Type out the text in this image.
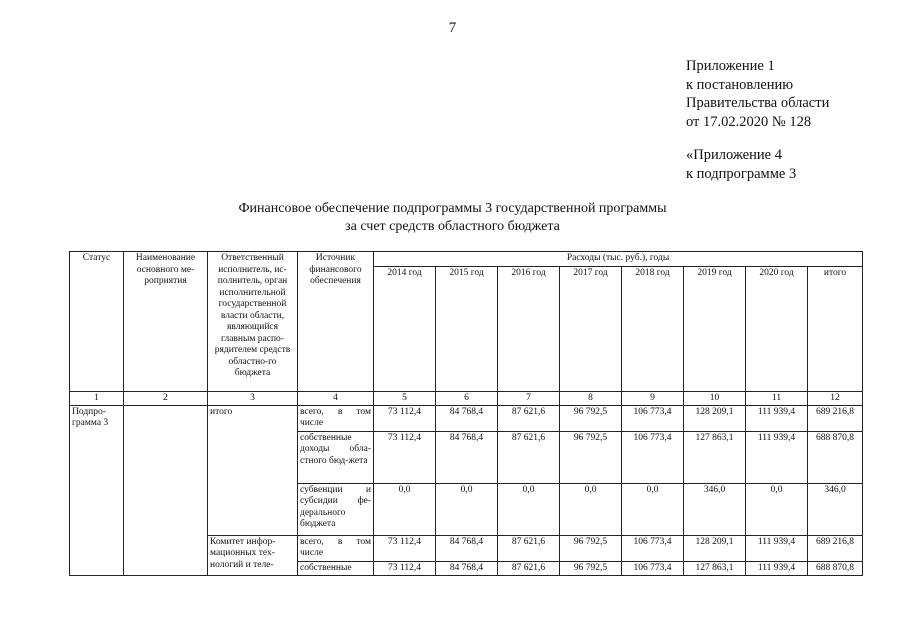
7
Приложение 1
к постановлению
Правительства области
от 17.02.2020 № 128
«Приложение 4
к подпрограмме 3
Финансовое обеспечение подпрограммы 3 государственной программы
за счет средств областного бюджета
Статус	Наименование основного ме-роприятия	Ответственный исполнитель, ис-полнитель, орган исполнительной государственной власти области, являющийся главным распо-рядителем средств областно-го бюджета	Источник финансового обеспечения	Расходы (тыс. руб.), годы							
				2014 год	2015 год	2016 год	2017 год	2018 год	2019 год	2020 год	итого
1	2	3	4	5	6	7	8	9	10	11	12
Подпро-грамма 3		итого	всего, в том числе	73 112,4	84 768,4	87 621,6	96 792,5	106 773,4	128 209,1	111 939,4	689 216,8
			собственные доходы обла-стного бюд-жета	73 112,4	84 768,4	87 621,6	96 792,5	106 773,4	127 863,1	111 939,4	688 870,8
			субвенции и субсидии фе-дерального бюджета	0,0	0,0	0,0	0,0	0,0	346,0	0,0	346,0
		Комитет инфор-мационных тех-нологий и теле-	всего, в том числе	73 112,4	84 768,4	87 621,6	96 792,5	106 773,4	128 209,1	111 939,4	689 216,8
			собственные	73 112,4	84 768,4	87 621,6	96 792,5	106 773,4	127 863,1	111 939,4	688 870,8
